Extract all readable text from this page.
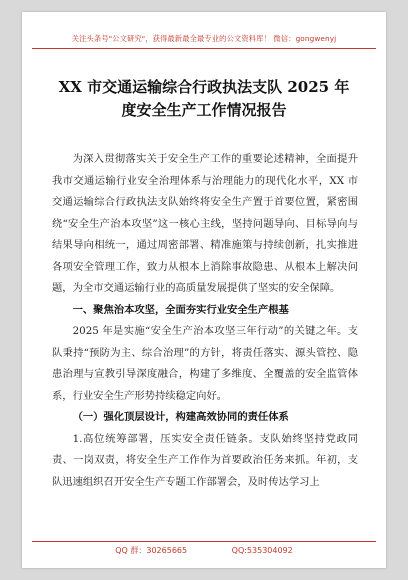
关注头条号"公文研究"，获得最新最全最专业的公文资料库！ 微信：gongwenyj
XX 市交通运输综合行政执法支队 2025 年
度安全生产工作情况报告

为深入贯彻落实关于安全生产工作的重要论述精神，全面提升我市交通运输行业安全治理体系与治理能力的现代化水平，XX 市交通运输综合行政执法支队始终将安全生产置于首要位置，紧密围绕“安全生产治本攻坚”这一核心主线，坚持问题导向、目标导向与结果导向相统一，通过周密部署、精准施策与持续创新，扎实推进各项安全管理工作，致力从根本上消除事故隐患、从根本上解决问题，为全市交通运输行业的高质量发展提供了坚实的安全保障。

一、聚焦治本攻坚，全面夯实行业安全生产根基

2025 年是实施“安全生产治本攻坚三年行动”的关键之年。支队秉持“预防为主、综合治理”的方针，将责任落实、源头管控、隐患治理与宣教引导深度融合，构建了多维度、全覆盖的安全监管体系，行业安全生产形势持续稳定向好。

（一）强化顶层设计，构建高效协同的责任体系

1.高位统筹部署，压实安全责任链条。支队始终坚持党政同责、一岗双责，将安全生产工作作为首要政治任务来抓。年初，支队迅速组织召开安全生产专题工作部署会，及时传达学习上

QQ 群：30265665	QQ:535304092
